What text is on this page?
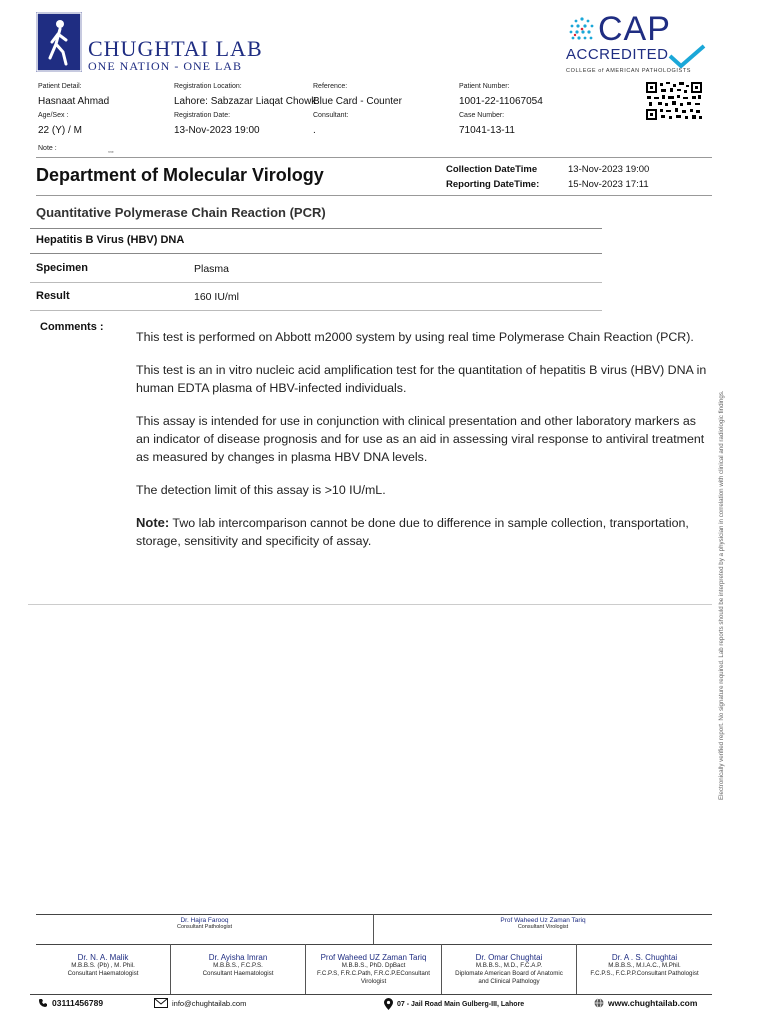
CHUGHTAI LAB
ONE NATION - ONE LAB
CAP
ACCREDITED
COLLEGE of AMERICAN PATHOLOGISTS
Patient Detail:
Hasnaat Ahmad
Age/Sex :
22 (Y) / M
Note :	,,,
Registration Location:
Lahore: Sabzazar Liaqat Chowk
Registration Date:
13-Nov-2023 19:00
Reference:
Blue Card - Counter
Consultant:
.
Patient Number:
1001-22-11067054
Case Number:
71041-13-11
Department of Molecular Virology	Collection DateTime	13-Nov-2023 19:00
Reporting DateTime:	15-Nov-2023 17:11
Quantitative Polymerase Chain Reaction (PCR)
Hepatitis B Virus (HBV) DNA
Specimen	Plasma
Result	160 IU/ml
Comments :

This test is performed on Abbott m2000 system by using real time Polymerase Chain Reaction (PCR).

This test is an in vitro nucleic acid amplification test for the quantitation of hepatitis B virus (HBV) DNA in human EDTA plasma of HBV-infected individuals.

This assay is intended for use in conjunction with clinical presentation and other laboratory markers as an indicator of disease prognosis and for use as an aid in assessing viral response to antiviral treatment as measured by changes in plasma HBV DNA levels.

The detection limit of this assay is >10 IU/mL.

Note: Two lab intercomparison cannot be done due to difference in sample collection, transportation, storage, sensitivity and specificity of assay.	Electronically verified report. No signature required. Lab reports should be interpreted by a physician in correlation with clinical and radiologic findings.
Dr. Hajra Farooq
Consultant Pathologist
Prof Waheed Uz Zaman Tariq
Consultant Virologist
Dr. N. A. Malik
M.B.B.S. (Pb) , M. Phil.
Consultant Haematologist
Dr. Ayisha Imran
M.B.B.S., F.C.P.S.
Consultant Haematologist
Prof Waheed UZ Zaman Tariq
M.B.B.S., PhD. DpBact
F.C.P.S, F.R.C.Path, F.R.C.P.EConsultant
Virologist
Dr. Omar Chughtai
M.B.B.S., M.D., F.C.A.P.
Diplomate American Board of Anatomic
and Clinical Pathology
Dr. A . S. Chughtai
M.B.B.S., M.I.A.C., M.Phil.
F.C.P.S., F.C.P.P.Consultant Pathologist
03111456789	info@chughtailab.com	07 - Jail Road Main Gulberg-III, Lahore	www.chughtailab.com
